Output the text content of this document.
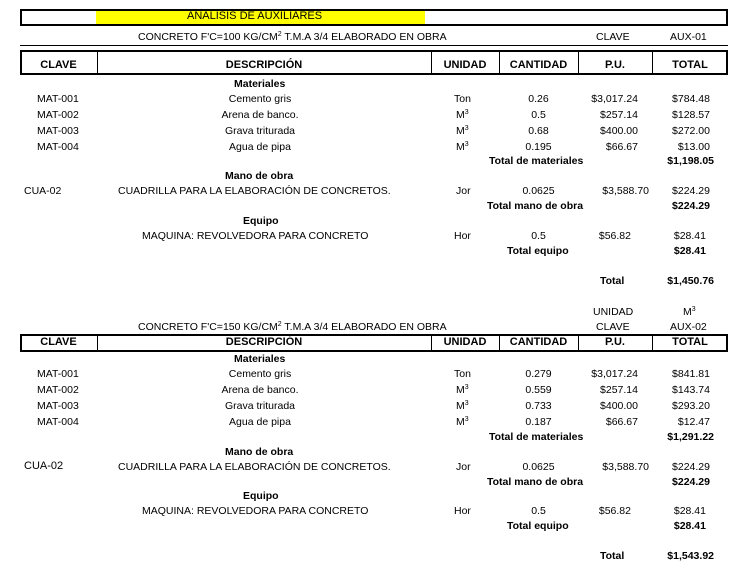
ANALISIS DE AUXILIARES
CONCRETO F'C=100 $KG/CM^2$ T.M.A 3/4 ELABORADO EN OBRA	CLAVE	AUX-01
CLAVE	DESCRIPCIÓN	UNIDAD	CANTIDAD	P.U.	TOTAL
Materiales
MAT-001	Cemento gris	Ton	0.26	$3,017.24	$784.48
MAT-002	Arena de banco.	$M^3$	0.5	$257.14	$128.57
MAT-003	Grava triturada	$M^3$	0.68	$400.00	$272.00
MAT-004	Agua de pipa	$M^3$	0.195	$66.67	$13.00
Total de materiales	$1,198.05
Mano de obra
CUA-02	CUADRILLA PARA LA ELABORACIÓN DE CONCRETOS.	Jor	0.0625	$3,588.70	$224.29
Total mano de obra	$224.29
Equipo
MAQUINA: REVOLVEDORA PARA CONCRETO	Hor	0.5	$56.82	$28.41
Total equipo	$28.41
Total	$1,450.76
UNIDAD	$M^3$
CONCRETO F'C=150 $KG/CM^2$ T.M.A 3/4 ELABORADO EN OBRA	CLAVE	AUX-02
CLAVE	DESCRIPCIÓN	UNIDAD	CANTIDAD	P.U.	TOTAL
Materiales
MAT-001	Cemento gris	Ton	0.279	$3,017.24	$841.81
MAT-002	Arena de banco.	$M^3$	0.559	$257.14	$143.74
MAT-003	Grava triturada	$M^3$	0.733	$400.00	$293.20
MAT-004	Agua de pipa	$M^3$	0.187	$66.67	$12.47
Total de materiales	$1,291.22
Mano de obra
CUA-02	CUADRILLA PARA LA ELABORACIÓN DE CONCRETOS.	Jor	0.0625	$3,588.70	$224.29
Total mano de obra	$224.29
Equipo
MAQUINA: REVOLVEDORA PARA CONCRETO	Hor	0.5	$56.82	$28.41
Total equipo	$28.41
Total	$1,543.92
